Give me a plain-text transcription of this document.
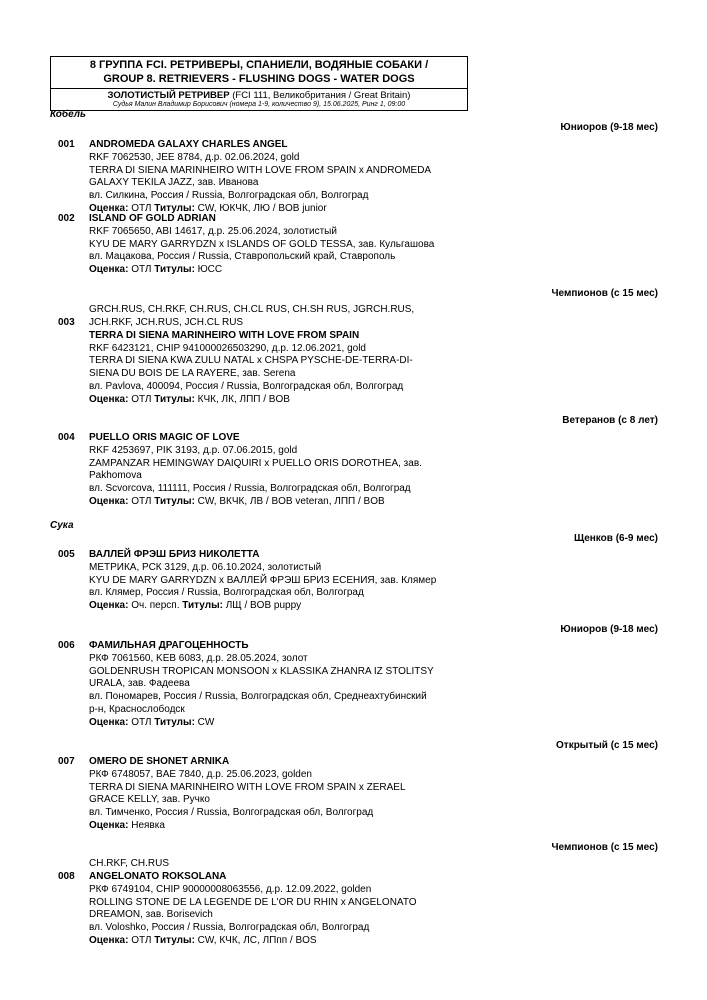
8 ГРУППА FCI. РЕТРИВЕРЫ, СПАНИЕЛИ, ВОДЯНЫЕ СОБАКИ /
GROUP 8. RETRIEVERS - FLUSHING DOGS - WATER DOGS
ЗОЛОТИСТЫЙ РЕТРИВЕР (FCI 111, Великобритания / Great Britain)
Судья Малин Владимир Борисович (номера 1-9, количество 9), 15.06.2025, Ринг 1, 09:00
Кобель
Юниоров (9-18 мес)
Чемпионов (с 15 мес)
Ветеранов (с 8 лет)
Сука
Щенков (6-9 мес)
Юниоров (9-18 мес)
Открытый (с 15 мес)
Чемпионов (с 15 мес)
001 ANDROMEDA GALAXY CHARLES ANGEL
RKF 7062530, JEE 8784, д.р. 02.06.2024, gold
TERRA DI SIENA MARINHEIRO WITH LOVE FROM SPAIN x ANDROMEDA
GALAXY TEKILA JAZZ, зав. Иванова
вл. Силкина, Россия / Russia, Волгоградская обл, Волгоград
Оценка: ОТЛ Титулы: CW, ЮКЧК, ЛЮ / BOB junior
002 ISLAND OF GOLD ADRIAN
RKF 7065650, ABI 14617, д.р. 25.06.2024, золотистый
KYU DE MARY GARRYDZN x ISLANDS OF GOLD TESSA, зав. Кульгашова
вл. Мацакова, Россия / Russia, Ставропольский край, Ставрополь
Оценка: ОТЛ Титулы: ЮСС
GRCH.RUS, CH.RKF, CH.RUS, CH.CL RUS, CH.SH RUS, JGRCH.RUS,
003 JCH.RKF, JCH.RUS, JCH.CL RUS
TERRA DI SIENA MARINHEIRO WITH LOVE FROM SPAIN
RKF 6423121, CHIP 941000026503290, д.р. 12.06.2021, gold
TERRA DI SIENA KWA ZULU NATAL x CHSPA PYSCHE-DE-TERRA-DI-
SIENA DU BOIS DE LA RAYERE, зав. Serena
вл. Pavlova, 400094, Россия / Russia, Волгоградская обл, Волгоград
Оценка: ОТЛ Титулы: КЧК, ЛК, ЛПП / BOB
004 PUELLO ORIS MAGIC OF LOVE
RKF 4253697, PIK 3193, д.р. 07.06.2015, gold
ZAMPANZAR HEMINGWAY DAIQUIRI x PUELLO ORIS DOROTHEA, зав.
Pakhomova
вл. Scvorcova, 111111, Россия / Russia, Волгоградская обл, Волгоград
Оценка: ОТЛ Титулы: CW, ВКЧК, ЛВ / BOB veteran, ЛПП / BOB
005 ВАЛЛЕЙ ФРЭШ БРИЗ НИКОЛЕТТА
МЕТРИКА, РСК 3129, д.р. 06.10.2024, золотистый
KYU DE MARY GARRYDZN x ВАЛЛЕЙ ФРЭШ БРИЗ ЕСЕНИЯ, зав. Клямер
вл. Клямер, Россия / Russia, Волгоградская обл, Волгоград
Оценка: Оч. персп. Титулы: ЛЩ / BOB puppy
006 ФАМИЛЬНАЯ ДРАГОЦЕННОСТЬ
РКФ 7061560, KEB 6083, д.р. 28.05.2024, золот
GOLDENRUSH TROPICAN MONSOON x KLASSIKA ZHANRA IZ STOLITSY
URALA, зав. Фадеева
вл. Пономарев, Россия / Russia, Волгоградская обл, Среднеахтубинский
р-н, Краснослободск
Оценка: ОТЛ Титулы: CW
007 OMERO DE SHONET ARNIKA
РКФ 6748057, BAE 7840, д.р. 25.06.2023, golden
TERRA DI SIENA MARINHEIRO WITH LOVE FROM SPAIN x ZERAEL
GRACE KELLY, зав. Ручко
вл. Тимченко, Россия / Russia, Волгоградская обл, Волгоград
Оценка: Неявка
CH.RKF, CH.RUS
008 ANGELONATO ROKSOLANA
РКФ 6749104, CHIP 90000008063556, д.р. 12.09.2022, golden
ROLLING STONE DE LA LEGENDE DE L'OR DU RHIN x ANGELONATO
DREAMON, зав. Borisevich
вл. Voloshko, Россия / Russia, Волгоградская обл, Волгоград
Оценка: ОТЛ Титулы: CW, КЧК, ЛС, ЛПпп / BOS
